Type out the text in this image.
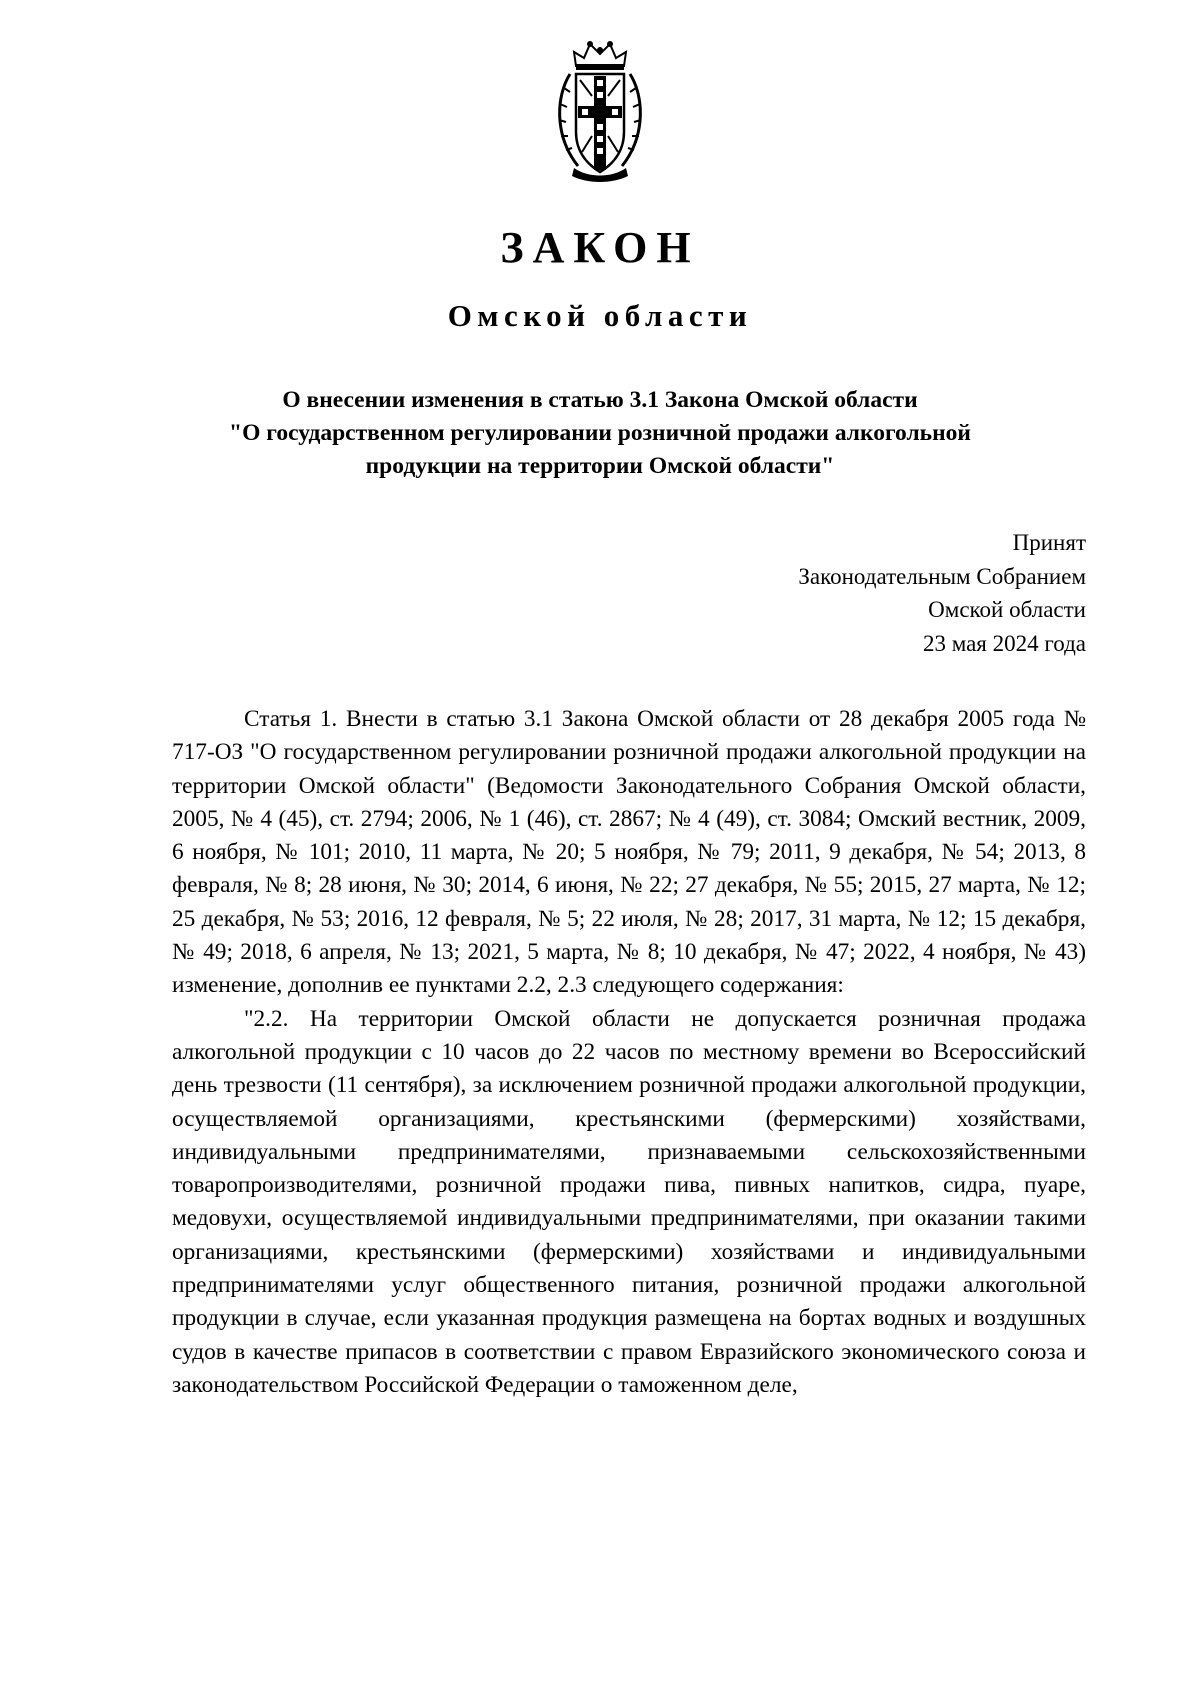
ЗАКОН
Омской области
О внесении изменения в статью 3.1 Закона Омской области
"О государственном регулировании розничной продажи алкогольной
продукции на территории Омской области"
Принят
Законодательным Собранием
Омской области
23 мая 2024 года

Статья 1. Внести в статью 3.1 Закона Омской области от 28 декабря 2005 года № 717-ОЗ "О государственном регулировании розничной продажи алкогольной продукции на территории Омской области" (Ведомости Законодательного Собрания Омской области, 2005, № 4 (45), ст. 2794; 2006, № 1 (46), ст. 2867; № 4 (49), ст. 3084; Омский вестник, 2009, 6 ноября, № 101; 2010, 11 марта, № 20; 5 ноября, № 79; 2011, 9 декабря, № 54; 2013, 8 февраля, № 8; 28 июня, № 30; 2014, 6 июня, № 22; 27 декабря, № 55; 2015, 27 марта, № 12; 25 декабря, № 53; 2016, 12 февраля, № 5; 22 июля, № 28; 2017, 31 марта, № 12; 15 декабря, № 49; 2018, 6 апреля, № 13; 2021, 5 марта, № 8; 10 декабря, № 47; 2022, 4 ноября, № 43) изменение, дополнив ее пунктами 2.2, 2.3 следующего содержания:

"2.2. На территории Омской области не допускается розничная продажа алкогольной продукции с 10 часов до 22 часов по местному времени во Всероссийский день трезвости (11 сентября), за исключением розничной продажи алкогольной продукции, осуществляемой организациями, крестьянскими (фермерскими) хозяйствами, индивидуальными предпринимателями, признаваемыми сельскохозяйственными товаропроизводителями, розничной продажи пива, пивных напитков, сидра, пуаре, медовухи, осуществляемой индивидуальными предпринимателями, при оказании такими организациями, крестьянскими (фермерскими) хозяйствами и индивидуальными предпринимателями услуг общественного питания, розничной продажи алкогольной продукции в случае, если указанная продукция размещена на бортах водных и воздушных судов в качестве припасов в соответствии с правом Евразийского экономического союза и законодательством Российской Федерации о таможенном деле,
